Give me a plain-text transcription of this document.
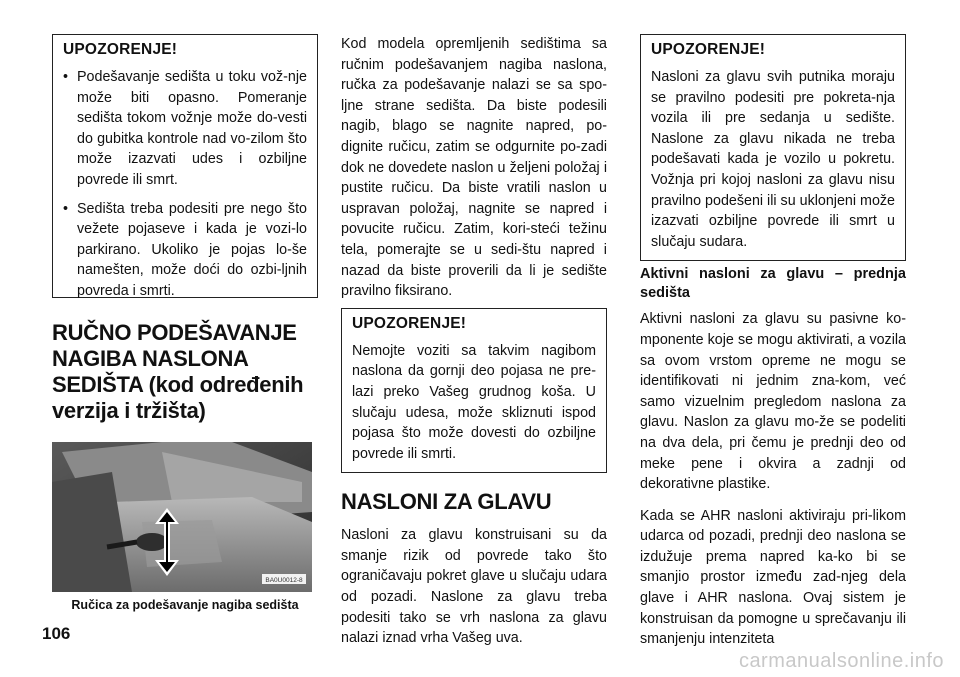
UPOZORENJE!
• Podešavanje sedišta u toku vož-nje može biti opasno. Pomeranje sedišta tokom vožnje može do-vesti do gubitka kontrole nad vo-zilom što može izazvati udes i ozbiljne povrede ili smrt.
• Sedišta treba podesiti pre nego što vežete pojaseve i kada je vozi-lo parkirano. Ukoliko je pojas lo-še namešten, može doći do ozbi-ljnih povreda i smrti.
RUČNO PODEŠAVANJE NAGIBA NASLONA SEDIŠTA (kod određenih verzija i tržišta)
BA0U0012-8
Ručica za podešavanje nagiba sedišta

Kod modela opremljenih sedištima sa ručnim podešavanjem nagiba naslona, ručka za podešavanje nalazi se sa spo-ljne strane sedišta. Da biste podesili nagib, blago se nagnite napred, po-dignite ručicu, zatim se odgurnite po-zadi dok ne dovedete naslon u željeni položaj i pustite ručicu. Da biste vratili naslon u uspravan položaj, nagnite se napred i povucite ručicu. Zatim, kori-steći težinu tela, pomerajte se u sedi-štu napred i nazad da biste proverili da li je sedište pravilno fiksirano.

UPOZORENJE!

Nemojte voziti sa takvim nagibom naslona da gornji deo pojasa ne pre-lazi preko Vašeg grudnog koša. U slučaju udesa, može skliznuti ispod pojasa što može dovesti do ozbiljne povrede ili smrti.

NASLONI ZA GLAVU

Nasloni za glavu konstruisani su da smanje rizik od povrede tako što ograničavaju pokret glave u slučaju udara od pozadi. Naslone za glavu treba podesiti tako se vrh naslona za glavu nalazi iznad vrha Vašeg uva.

UPOZORENJE!

Nasloni za glavu svih putnika moraju se pravilno podesiti pre pokreta-nja vozila ili pre sedanja u sedište. Naslone za glavu nikada ne treba podešavati kada je vozilo u pokretu. Vožnja pri kojoj nasloni za glavu nisu pravilno podešeni ili su uklonjeni može izazvati ozbiljne povrede ili smrt u slučaju sudara.

Aktivni nasloni za glavu – prednja sedišta

Aktivni nasloni za glavu su pasivne ko-mponente koje se mogu aktivirati, a vozila sa ovom vrstom opreme ne mogu se identifikovati ni jednim zna-kom, već samo vizuelnim pregledom naslona za glavu. Naslon za glavu mo-že se podeliti na dva dela, pri čemu je prednji deo od meke pene i okvira a zadnji od dekorativne plastike.

Kada se AHR nasloni aktiviraju pri-likom udarca od pozadi, prednji deo naslona se izdužuje prema napred ka-ko bi se smanjio prostor između zad-njeg dela glave i AHR naslona. Ovaj sistem je konstruisan da pomogne u sprečavanju ili smanjenju intenziteta

106
carmanualsonline.info
